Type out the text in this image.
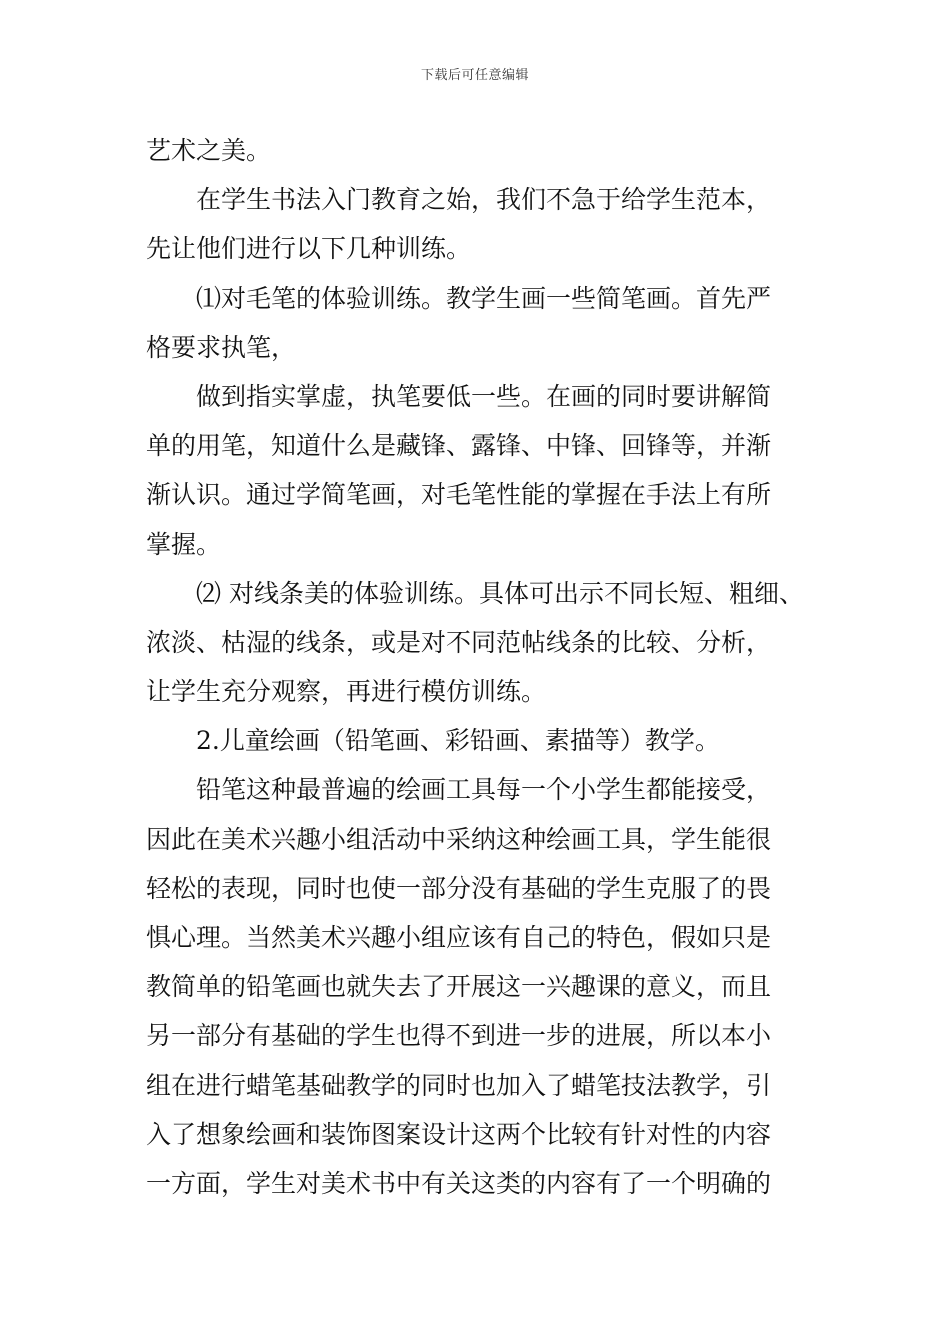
下载后可任意编辑
艺术之美。
在学生书法入门教育之始，我们不急于给学生范本，
先让他们进行以下几种训练。
⑴对毛笔的体验训练。教学生画一些简笔画。首先严
格要求执笔，
做到指实掌虚，执笔要低一些。在画的同时要讲解简
单的用笔，知道什么是藏锋、露锋、中锋、回锋等，并渐
渐认识。通过学简笔画，对毛笔性能的掌握在手法上有所
掌握。
⑵ 对线条美的体验训练。具体可出示不同长短、粗细、
浓淡、枯湿的线条，或是对不同范帖线条的比较、分析，
让学生充分观察，再进行模仿训练。
2.儿童绘画（铅笔画、彩铅画、素描等）教学。
铅笔这种最普遍的绘画工具每一个小学生都能接受，
因此在美术兴趣小组活动中采纳这种绘画工具，学生能很
轻松的表现，同时也使一部分没有基础的学生克服了的畏
惧心理。当然美术兴趣小组应该有自己的特色，假如只是
教简单的铅笔画也就失去了开展这一兴趣课的意义，而且
另一部分有基础的学生也得不到进一步的进展，所以本小
组在进行蜡笔基础教学的同时也加入了蜡笔技法教学，引
入了想象绘画和装饰图案设计这两个比较有针对性的内容
一方面，学生对美术书中有关这类的内容有了一个明确的
